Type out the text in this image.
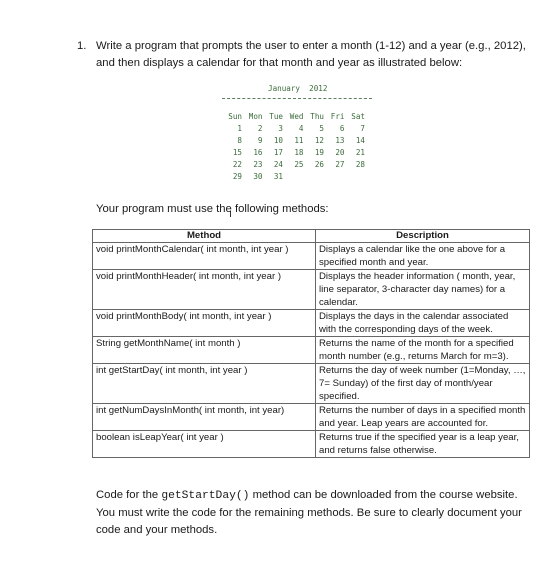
1. Write a program that prompts the user to enter a month (1-12) and a year (e.g., 2012), and then displays a calendar for that month and year as illustrated below:
January  2012
Sun Mon Tue Wed Thu Fri Sat
1	2	3	4	5	6	7
8	9	10	11	12	13	14
15	16	17	18	19	20	21
22	23	24	25	26	27	28
29	30	31
Your program must use the following methods:
Method	Description
void printMonthCalendar( int month, int year )	Displays a calendar like the one above for a specified month and year.
void printMonthHeader( int month, int year )	Displays the header information ( month, year, line separator, 3-character day names) for a calendar.
void printMonthBody( int month, int year )	Displays the days in the calendar associated with the corresponding days of the week.
String getMonthName( int month )	Returns the name of the month for a specified month number (e.g., returns March for m=3).
int getStartDay( int month, int year )	Returns the day of week number (1=Monday, …, 7= Sunday) of the first day of month/year specified.
int getNumDaysInMonth( int month, int year)	Returns the number of days in a specified month and year. Leap years are accounted for.
boolean isLeapYear( int year )	Returns true if the specified year is a leap year, and returns false otherwise.
Code for the getStartDay() method can be downloaded from the course website. You must write the code for the remaining methods. Be sure to clearly document your code and your methods.
